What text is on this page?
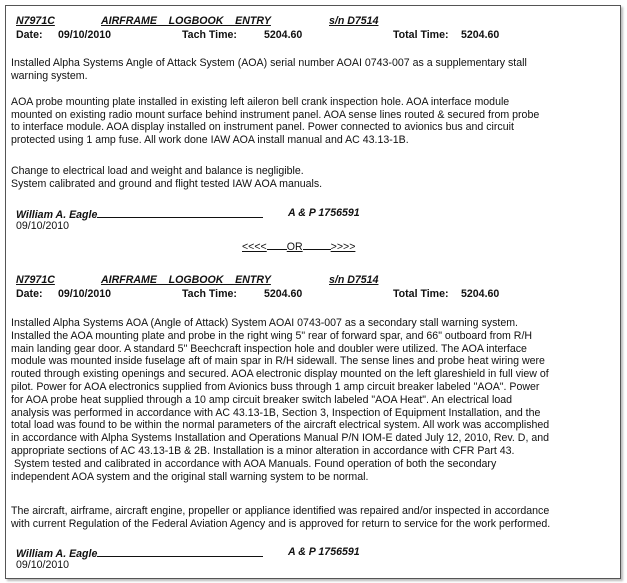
N7971C	AIRFRAME    LOGBOOK    ENTRY	s/n D7514
Date: 09/10/2010	Tach Time:	5204.60	Total Time: 5204.60
Installed Alpha Systems Angle of Attack System (AOA) serial number AOAI 0743-007 as a supplementary stall
warning system.
AOA probe mounting plate installed in existing left aileron bell crank inspection hole. AOA interface module
mounted on existing radio mount surface behind instrument panel. AOA sense lines routed & secured from probe
to interface module. AOA display installed on instrument panel. Power connected to avionics bus and circuit
protected using 1 amp fuse. All work done IAW AOA install manual and AC 43.13-1B.
Change to electrical load and weight and balance is negligible.
System calibrated and ground and flight tested IAW AOA manuals.
William A. Eagle	A & P 1756591
09/10/2010
<<<< OR	>>>>
N7971C	AIRFRAME    LOGBOOK    ENTRY	s/n D7514
Date: 09/10/2010	Tach Time:	5204.60	Total Time: 5204.60
Installed Alpha Systems AOA (Angle of Attack) System AOAI 0743-007 as a secondary stall warning system.
Installed the AOA mounting plate and probe in the right wing 5" rear of forward spar, and 66" outboard from R/H
main landing gear door. A standard 5" Beechcraft inspection hole and doubler were utilized. The AOA interface
module was mounted inside fuselage aft of main spar in R/H sidewall. The sense lines and probe heat wiring were
routed through existing openings and secured. AOA electronic display mounted on the left glareshield in full view of
pilot. Power for AOA electronics supplied from Avionics buss through 1 amp circuit breaker labeled "AOA". Power
for AOA probe heat supplied through a 10 amp circuit breaker switch labeled "AOA Heat". An electrical load
analysis was performed in accordance with AC 43.13-1B, Section 3, Inspection of Equipment Installation, and the
total load was found to be within the normal parameters of the aircraft electrical system. All work was accomplished
in accordance with Alpha Systems Installation and Operations Manual P/N IOM-E dated July 12, 2010, Rev. D, and
appropriate sections of AC 43.13-1B & 2B. Installation is a minor alteration in accordance with CFR Part 43.
System tested and calibrated in accordance with AOA Manuals. Found operation of both the secondary
independent AOA system and the original stall warning system to be normal.
The aircraft, airframe, aircraft engine, propeller or appliance identified was repaired and/or inspected in accordance
with current Regulation of the Federal Aviation Agency and is approved for return to service for the work performed.
William A. Eagle	A & P 1756591
09/10/2010
